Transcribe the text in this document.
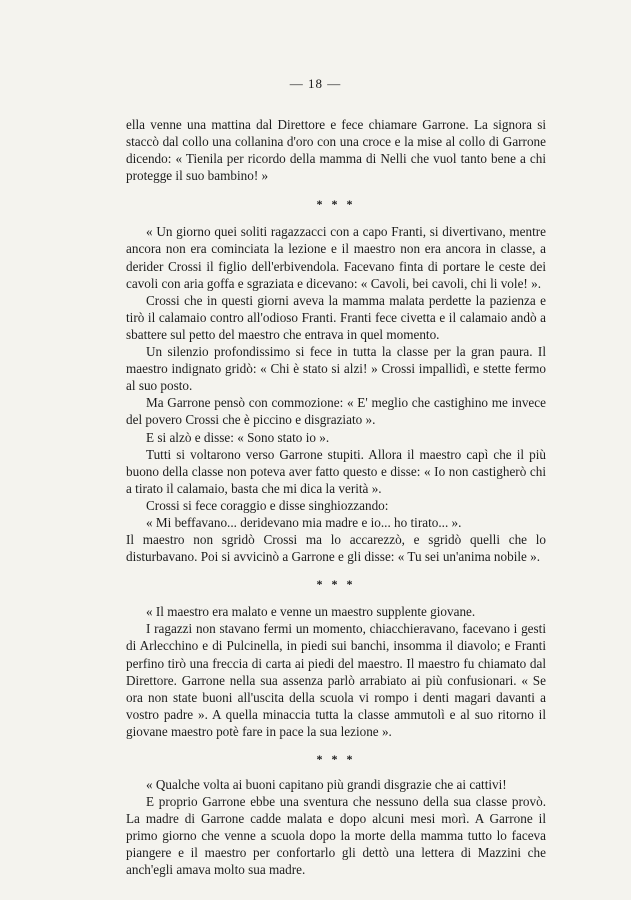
— 18 —

ella venne una mattina dal Direttore e fece chiamare Garrone. La signora si staccò dal collo una collanina d'oro con una croce e la mise al collo di Garrone dicendo: « Tienila per ricordo della mamma di Nelli che vuol tanto bene a chi protegge il suo bambino! »

* * *

« Un giorno quei soliti ragazzacci con a capo Franti, si divertivano, mentre ancora non era cominciata la lezione e il maestro non era ancora in classe, a derider Crossi il figlio dell'erbivendola. Facevano finta di portare le ceste dei cavoli con aria goffa e sgraziata e dicevano: « Cavoli, bei cavoli, chi li vole! ».

Crossi che in questi giorni aveva la mamma malata perdette la pazienza e tirò il calamaio contro all'odioso Franti. Franti fece civetta e il calamaio andò a sbattere sul petto del maestro che entrava in quel momento.

Un silenzio profondissimo si fece in tutta la classe per la gran paura. Il maestro indignato gridò: « Chi è stato si alzi! » Crossi impallidì, e stette fermo al suo posto.

Ma Garrone pensò con commozione: « E' meglio che castighino me invece del povero Crossi che è piccino e disgraziato ».

E si alzò e disse: « Sono stato io ».

Tutti si voltarono verso Garrone stupiti. Allora il maestro capì che il più buono della classe non poteva aver fatto questo e disse: « Io non castigherò chi a tirato il calamaio, basta che mi dica la verità ».

Crossi si fece coraggio e disse singhiozzando:

« Mi beffavano... deridevano mia madre e io... ho tirato... ».

Il maestro non sgridò Crossi ma lo accarezzò, e sgridò quelli che lo disturbavano. Poi si avvicinò a Garrone e gli disse: « Tu sei un'anima nobile ».

* * *

« Il maestro era malato e venne un maestro supplente giovane.

I ragazzi non stavano fermi un momento, chiacchieravano, facevano i gesti di Arlecchino e di Pulcinella, in piedi sui banchi, insomma il diavolo; e Franti perfino tirò una freccia di carta ai piedi del maestro. Il maestro fu chiamato dal Direttore. Garrone nella sua assenza parlò arrabiato ai più confusionari. « Se ora non state buoni all'uscita della scuola vi rompo i denti magari davanti a vostro padre ». A quella minaccia tutta la classe ammutolì e al suo ritorno il giovane maestro potè fare in pace la sua lezione ».

* * *

« Qualche volta ai buoni capitano più grandi disgrazie che ai cattivi!

E proprio Garrone ebbe una sventura che nessuno della sua classe provò. La madre di Garrone cadde malata e dopo alcuni mesi morì. A Garrone il primo giorno che venne a scuola dopo la morte della mamma tutto lo faceva piangere e il maestro per confortarlo gli dettò una lettera di Mazzini che anch'egli amava molto sua madre.
